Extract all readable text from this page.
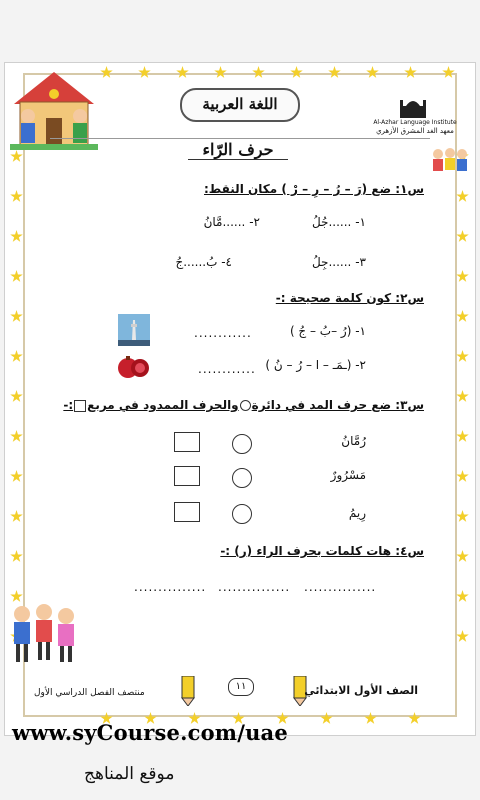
اللغة العربية
Al-Azhar Language Institute
معهد الغد المشرق الأزهري
حرف الرّاء
س١: ضع (رَ – رُ – رِ – رْ ) مكان النقط:
٢- ......مَّانُ	١- ......جُلُ
٤- بُ......جُ	٣- ......جِلُ
س٢: كون كلمة صحيحة :-
١- (رُ –بُ – جُ )
............
٢- (ـمَـ – ا – رُ – نُ )
............
س٣: ضع حرف المد في دائرةوالحرف الممدود في مربع:-
رُمَّانُ
مَسْرُورٌ
رِيمُ
س٤: هات كلمات بحرف الراء (ر) :-
............... ............... ...............
١١	الصف الأول الابتدائي
منتصف الفصل الدراسي الأول
www.syCourse.com/uae
موقع المناهج
